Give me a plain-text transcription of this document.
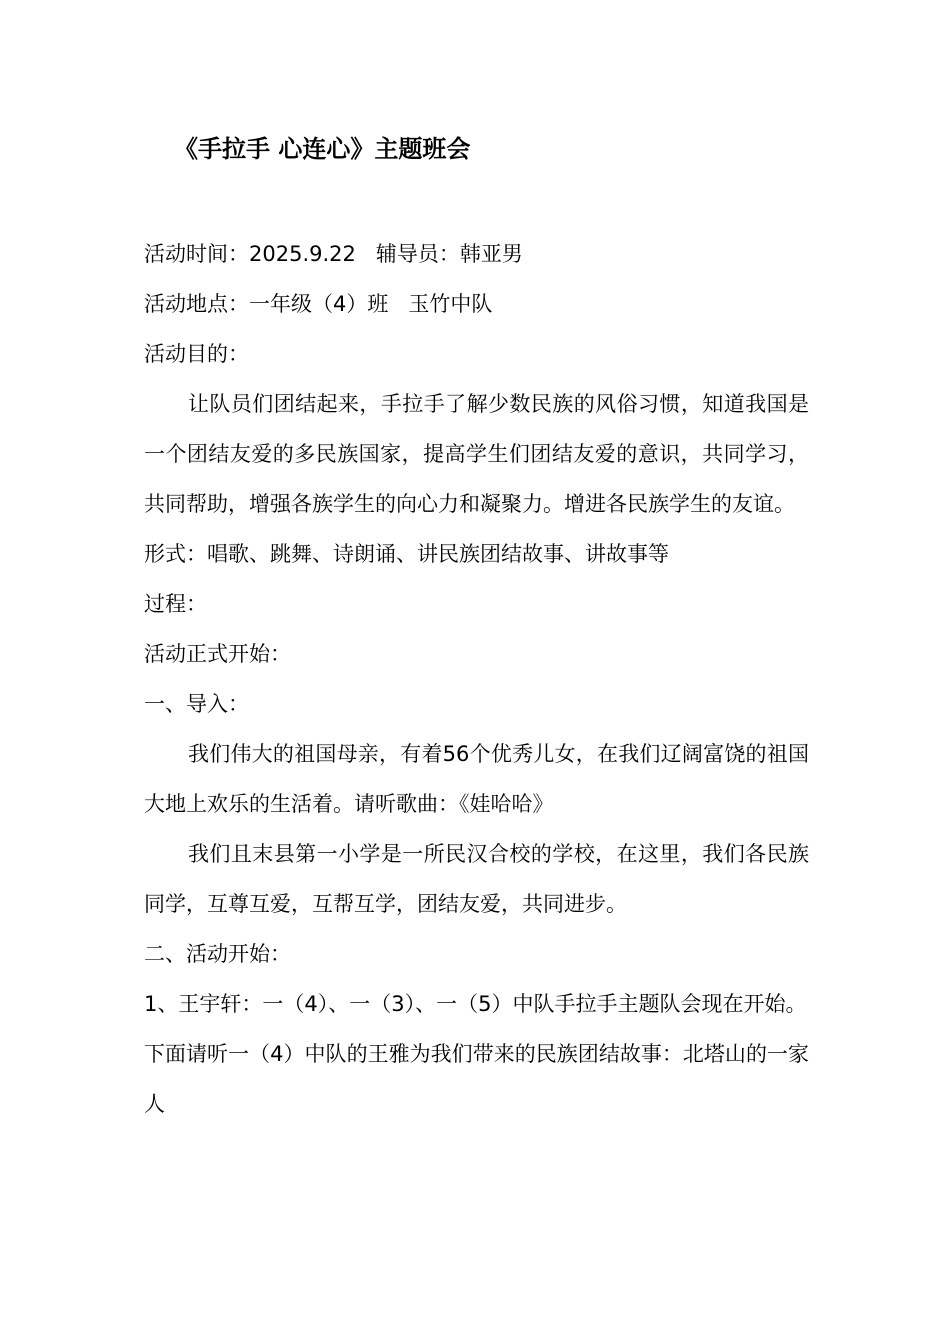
《手拉手 心连心》主题班会

活动时间：2025.9.22   辅导员：韩亚男

活动地点：一年级（4）班   玉竹中队

活动目的：

让队员们团结起来，手拉手了解少数民族的风俗习惯，知道我国是一个团结友爱的多民族国家，提高学生们团结友爱的意识，共同学习，共同帮助，增强各族学生的向心力和凝聚力。增进各民族学生的友谊。

形式：唱歌、跳舞、诗朗诵、讲民族团结故事、讲故事等

过程：

活动正式开始：

一、导入：

我们伟大的祖国母亲，有着56个优秀儿女，在我们辽阔富饶的祖国大地上欢乐的生活着。请听歌曲：《娃哈哈》

我们且末县第一小学是一所民汉合校的学校，在这里，我们各民族同学，互尊互爱，互帮互学，团结友爱，共同进步。

二、活动开始：

1、王宇轩：一（4）、一（3）、一（5）中队手拉手主题队会现在开始。

下面请听一（4）中队的王雅为我们带来的民族团结故事：北塔山的一家人
